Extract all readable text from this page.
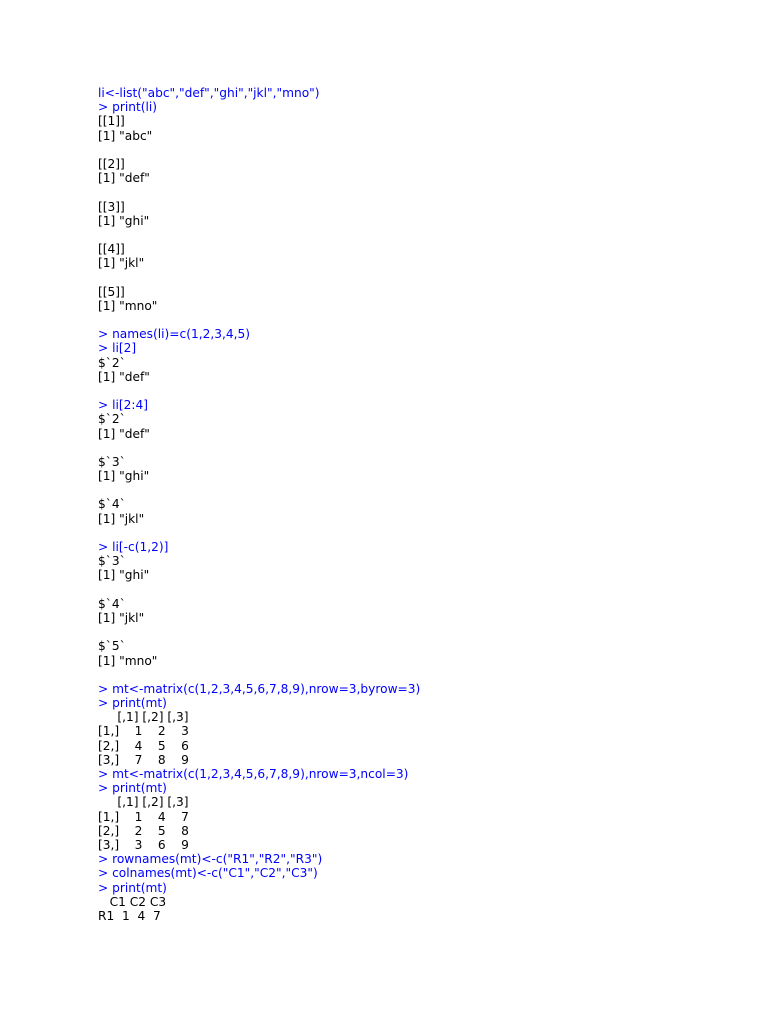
li<-list("abc","def","ghi","jkl","mno")
> print(li)
[[1]]
[1] "abc"
[[2]]
[1] "def"
[[3]]
[1] "ghi"
[[4]]
[1] "jkl"
[[5]]
[1] "mno"
> names(li)=c(1,2,3,4,5)
> li[2]
$`2`
[1] "def"
> li[2:4]
$`2`
[1] "def"
$`3`
[1] "ghi"
$`4`
[1] "jkl"
> li[-c(1,2)]
$`3`
[1] "ghi"
$`4`
[1] "jkl"
$`5`
[1] "mno"
> mt<-matrix(c(1,2,3,4,5,6,7,8,9),nrow=3,byrow=3)
> print(mt)
[,1] [,2] [,3]
[1,]    1    2    3
[2,]    4    5    6
[3,]    7    8    9
> mt<-matrix(c(1,2,3,4,5,6,7,8,9),nrow=3,ncol=3)
> print(mt)
[,1] [,2] [,3]
[1,]    1    4    7
[2,]    2    5    8
[3,]    3    6    9
> rownames(mt)<-c("R1","R2","R3")
> colnames(mt)<-c("C1","C2","C3")
> print(mt)
C1 C2 C3
R1  1  4  7
